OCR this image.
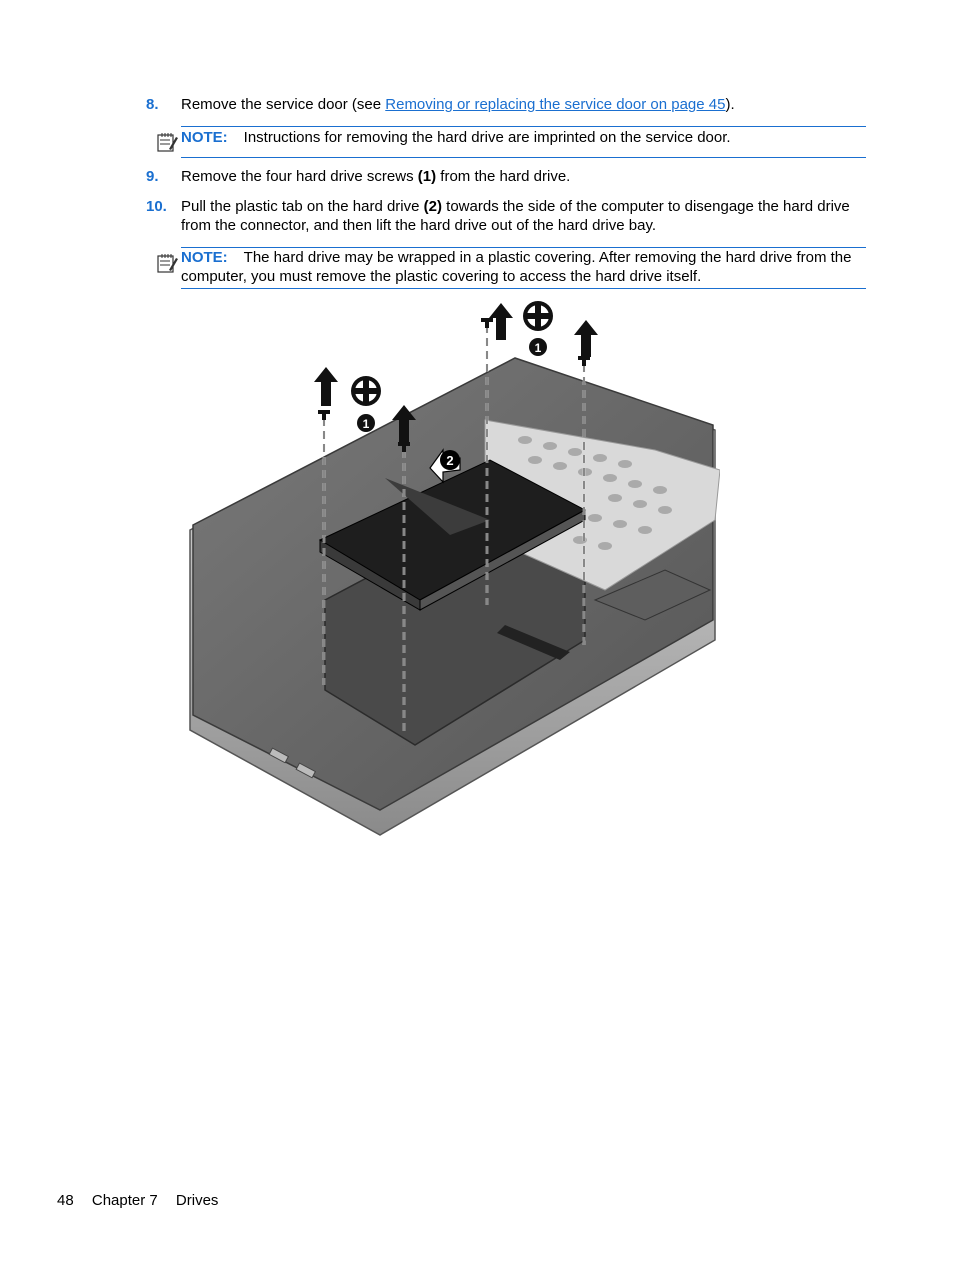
8. Remove the service door (see Removing or replacing the service door on page 45).
NOTE: Instructions for removing the hard drive are imprinted on the service door.
9. Remove the four hard drive screws (1) from the hard drive.
10. Pull the plastic tab on the hard drive (2) towards the side of the computer to disengage the hard drive from the connector, and then lift the hard drive out of the hard drive bay.
NOTE: The hard drive may be wrapped in a plastic covering. After removing the hard drive from the computer, you must remove the plastic covering to access the hard drive itself.
2
1
1
48 Chapter 7 Drives
